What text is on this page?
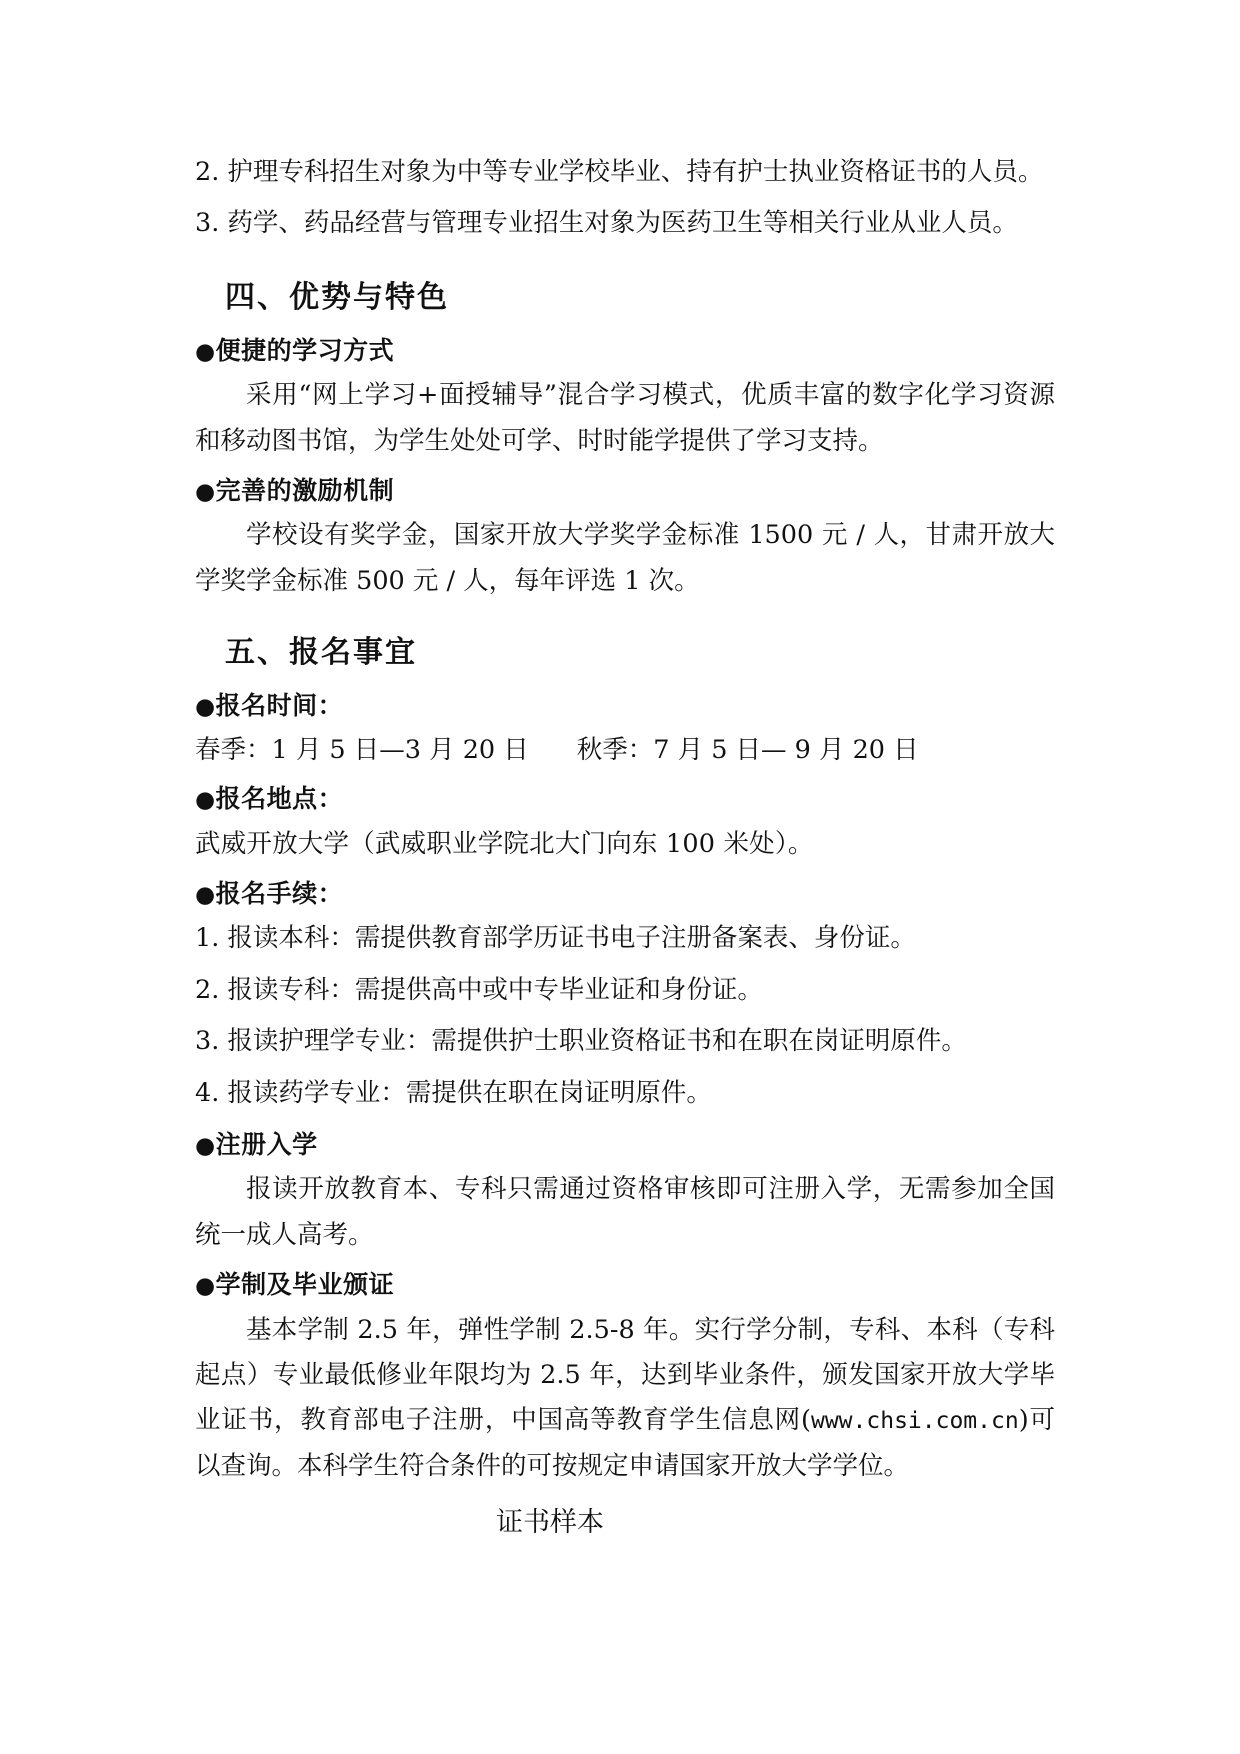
2. 护理专科招生对象为中等专业学校毕业、持有护士执业资格证书的人员。

3. 药学、药品经营与管理专业招生对象为医药卫生等相关行业从业人员。

四、优势与特色

●便捷的学习方式

采用“网上学习+面授辅导”混合学习模式，优质丰富的数字化学习资源和移动图书馆，为学生处处可学、时时能学提供了学习支持。

●完善的激励机制

学校设有奖学金，国家开放大学奖学金标准 1500 元 / 人，甘肃开放大学奖学金标准 500 元 / 人，每年评选 1 次。

五、报名事宜

●报名时间：

春季：1 月 5 日—3 月 20 日 秋季：7 月 5 日— 9 月 20 日

●报名地点：

武威开放大学（武威职业学院北大门向东 100 米处）。

●报名手续：

1. 报读本科：需提供教育部学历证书电子注册备案表、身份证。

2. 报读专科：需提供高中或中专毕业证和身份证。

3. 报读护理学专业：需提供护士职业资格证书和在职在岗证明原件。

4. 报读药学专业：需提供在职在岗证明原件。

●注册入学

报读开放教育本、专科只需通过资格审核即可注册入学，无需参加全国统一成人高考。

●学制及毕业颁证

基本学制 2.5 年，弹性学制 2.5-8 年。实行学分制，专科、本科（专科起点）专业最低修业年限均为 2.5 年，达到毕业条件，颁发国家开放大学毕业证书，教育部电子注册，中国高等教育学生信息网(www.chsi.com.cn)可以查询。本科学生符合条件的可按规定申请国家开放大学学位。

证书样本
